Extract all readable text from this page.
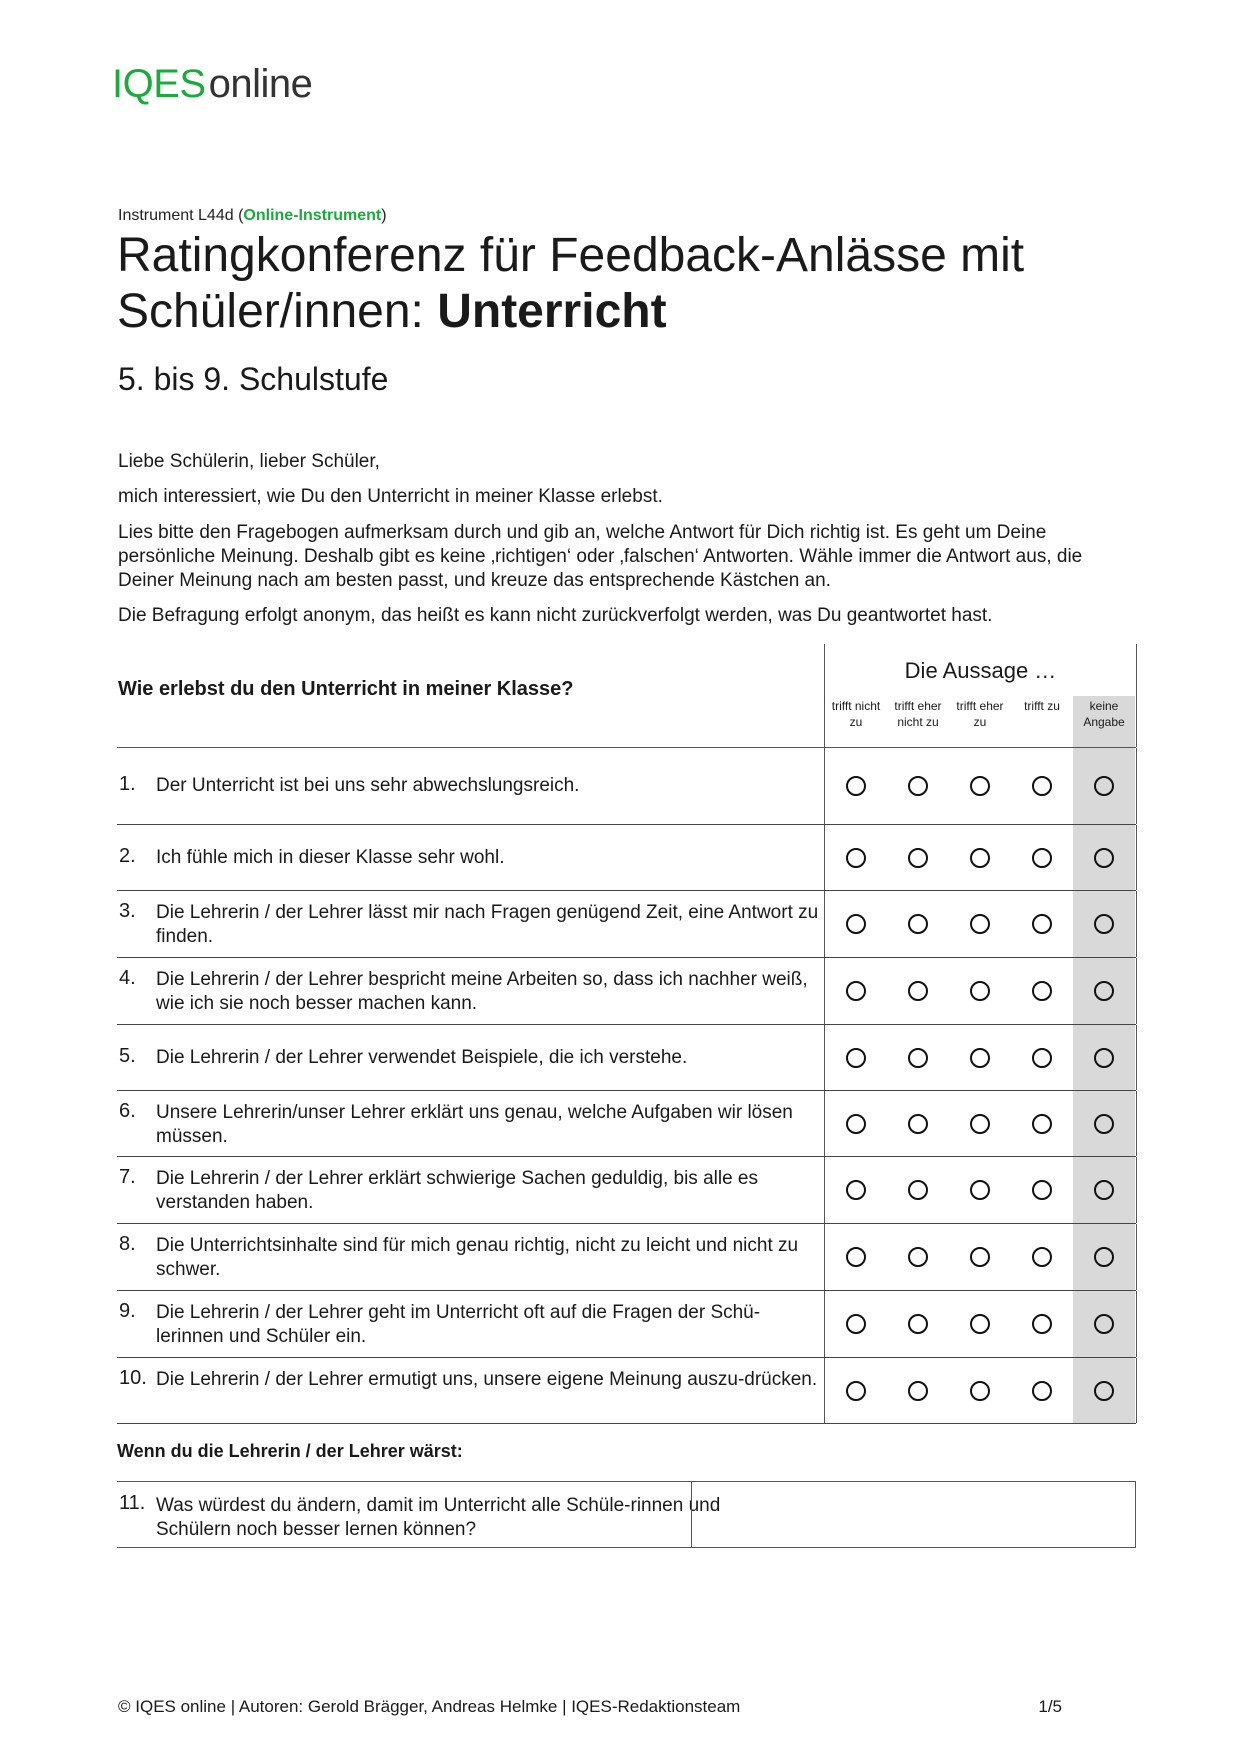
IQESonline
Instrument L44d (Online-Instrument)
Ratingkonferenz für Feedback-Anlässe mit
Schüler/innen: Unterricht
5. bis 9. Schulstufe

Liebe Schülerin, lieber Schüler,

mich interessiert, wie Du den Unterricht in meiner Klasse erlebst.

Lies bitte den Fragebogen aufmerksam durch und gib an, welche Antwort für Dich richtig ist. Es geht um Deine persönliche Meinung. Deshalb gibt es keine ‚richtigen‘ oder ‚falschen‘ Antworten. Wähle immer die Antwort aus, die Deiner Meinung nach am besten passt, und kreuze das entsprechende Kästchen an.

Die Befragung erfolgt anonym, das heißt es kann nicht zurückverfolgt werden, was Du geantwortet hast.

Wie erlebst du den Unterricht in meiner Klasse?
Die Aussage …
trifft nicht zu
trifft eher nicht zu
trifft eher zu
trifft zu	keine Angabe
1. Der Unterricht ist bei uns sehr abwechslungsreich.
2. Ich fühle mich in dieser Klasse sehr wohl.
3. Die Lehrerin / der Lehrer lässt mir nach Fragen genügend Zeit, eine Antwort zu finden.
4. Die Lehrerin / der Lehrer bespricht meine Arbeiten so, dass ich nachher weiß, wie ich sie noch besser machen kann.
5. Die Lehrerin / der Lehrer verwendet Beispiele, die ich verstehe.
6. Unsere Lehrerin/unser Lehrer erklärt uns genau, welche Aufgaben wir lösen müssen.
7. Die Lehrerin / der Lehrer erklärt schwierige Sachen geduldig, bis alle es verstanden haben.
8. Die Unterrichtsinhalte sind für mich genau richtig, nicht zu leicht und nicht zu schwer.
9. Die Lehrerin / der Lehrer geht im Unterricht oft auf die Fragen der Schü-lerinnen und Schüler ein.
10. Die Lehrerin / der Lehrer ermutigt uns, unsere eigene Meinung auszu-drücken.
Wenn du die Lehrerin / der Lehrer wärst:
11. Was würdest du ändern, damit im Unterricht alle Schüle-rinnen und Schülern noch besser lernen können?
© IQES online | Autoren: Gerold Brägger, Andreas Helmke | IQES-Redaktionsteam	1/5
